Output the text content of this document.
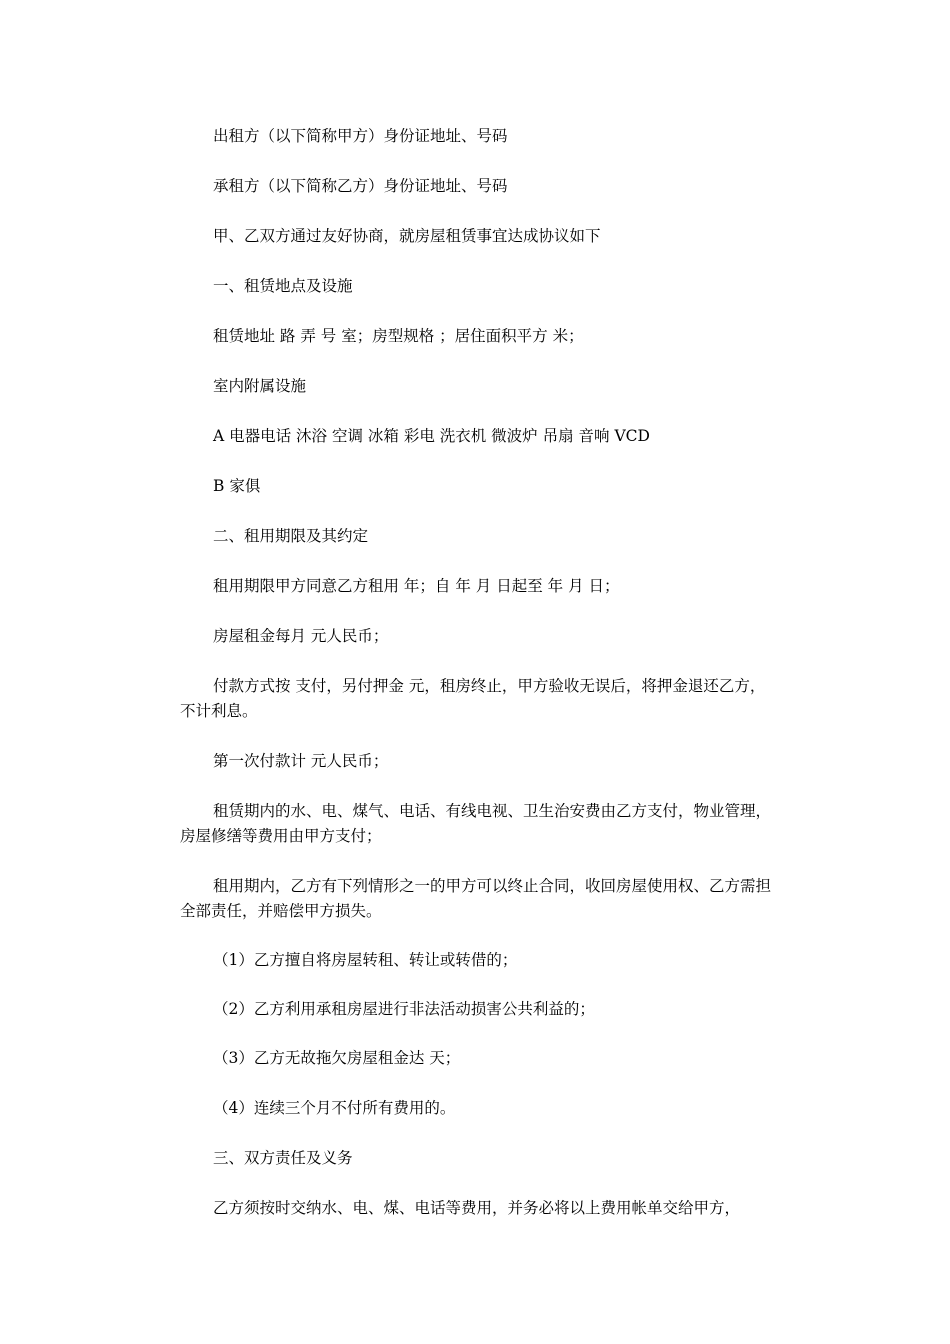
出租方（以下简称甲方）身份证地址、号码
承租方（以下简称乙方）身份证地址、号码
甲、乙双方通过友好协商，就房屋租赁事宜达成协议如下
一、租赁地点及设施
租赁地址 路 弄 号 室；房型规格 ；居住面积平方 米；
室内附属设施
A 电器电话 沐浴 空调 冰箱 彩电 洗衣机 微波炉 吊扇 音响 VCD
B 家俱
二、租用期限及其约定
租用期限甲方同意乙方租用 年；自 年 月 日起至 年 月 日；
房屋租金每月 元人民币；
付款方式按 支付，另付押金 元，租房终止，甲方验收无误后，将押金退还乙方，不计利息。
第一次付款计 元人民币；
租赁期内的水、电、煤气、电话、有线电视、卫生治安费由乙方支付，物业管理，房屋修缮等费用由甲方支付；
租用期内，乙方有下列情形之一的甲方可以终止合同，收回房屋使用权、乙方需担全部责任，并赔偿甲方损失。
（1）乙方擅自将房屋转租、转让或转借的；
（2）乙方利用承租房屋进行非法活动损害公共利益的；
（3）乙方无故拖欠房屋租金达 天；
（4）连续三个月不付所有费用的。
三、双方责任及义务
乙方须按时交纳水、电、煤、电话等费用，并务必将以上费用帐单交给甲方，
